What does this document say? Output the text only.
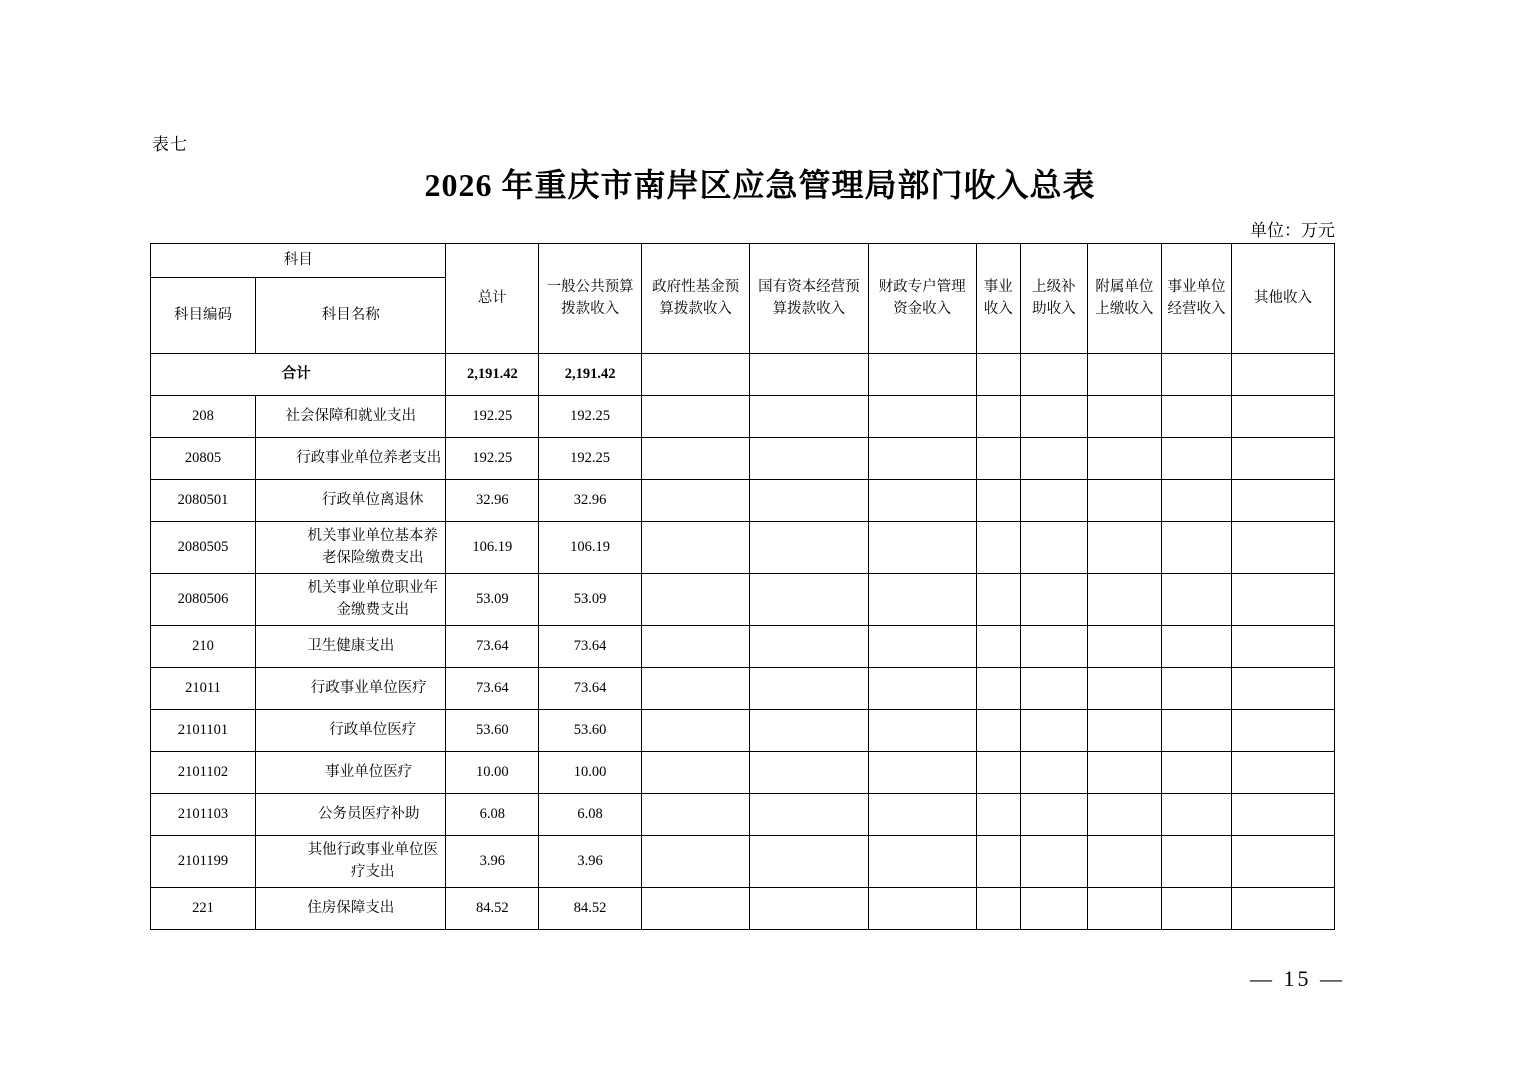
表七
2026 年重庆市南岸区应急管理局部门收入总表
单位：万元
科目		总计	一般公共预算拨款收入	政府性基金预算拨款收入	国有资本经营预算拨款收入	财政专户管理资金收入	事业收入	上级补助收入	附属单位上缴收入	事业单位经营收入	其他收入
科目编码	科目名称										
合计		2,191.42	2,191.42								
208	社会保障和就业支出	192.25	192.25								
20805	行政事业单位养老支出	192.25	192.25								
2080501	行政单位离退休	32.96	32.96								
2080505	机关事业单位基本养老保险缴费支出	106.19	106.19								
2080506	机关事业单位职业年金缴费支出	53.09	53.09								
210	卫生健康支出	73.64	73.64								
21011	行政事业单位医疗	73.64	73.64								
2101101	行政单位医疗	53.60	53.60								
2101102	事业单位医疗	10.00	10.00								
2101103	公务员医疗补助	6.08	6.08								
2101199	其他行政事业单位医疗支出	3.96	3.96								
221	住房保障支出	84.52	84.52								
— 15 —
